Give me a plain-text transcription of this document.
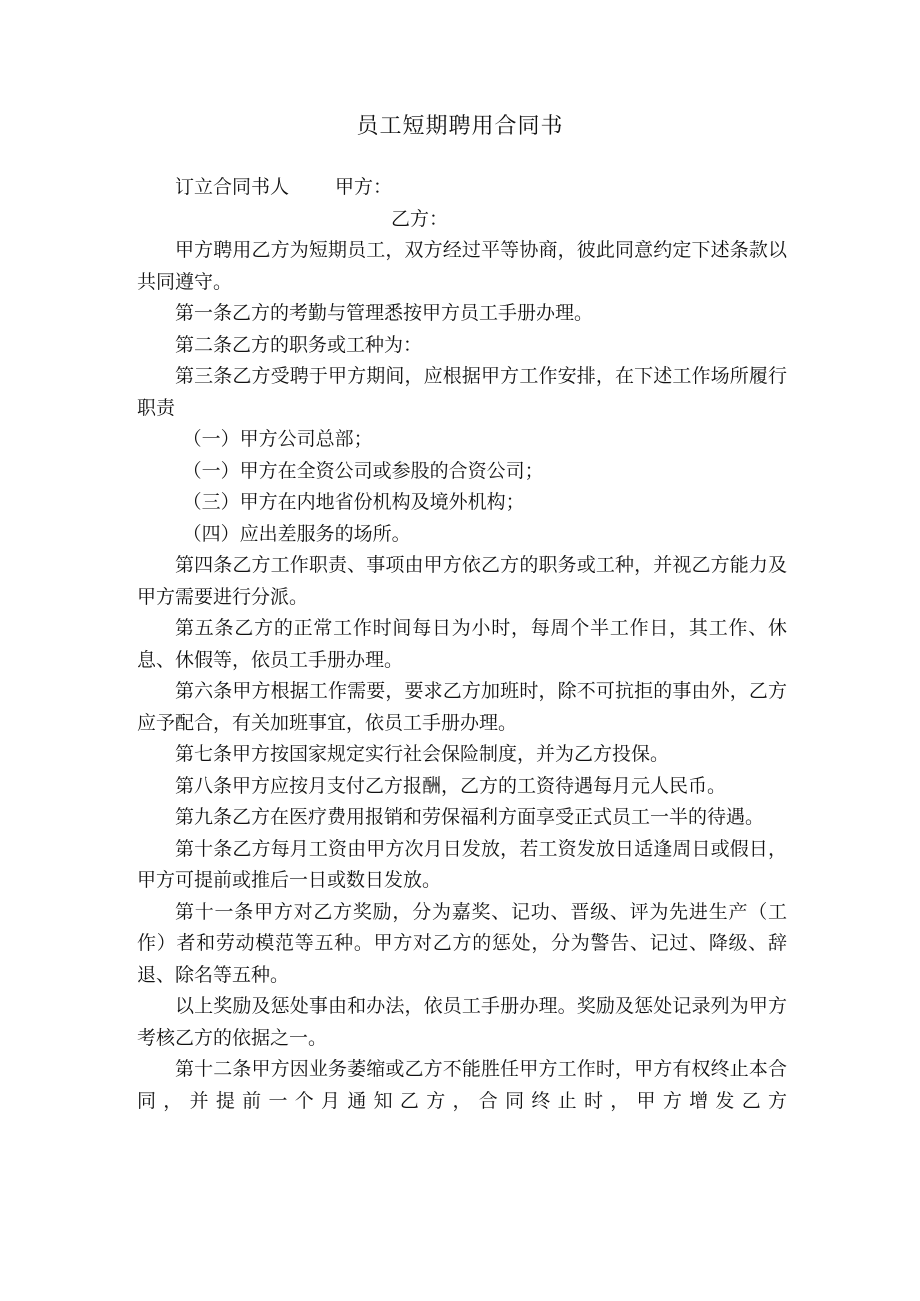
员工短期聘用合同书

订立合同书人 甲方：

乙方：

甲方聘用乙方为短期员工，双方经过平等协商，彼此同意约定下述条款以共同遵守。

第一条乙方的考勤与管理悉按甲方员工手册办理。

第二条乙方的职务或工种为：

第三条乙方受聘于甲方期间，应根据甲方工作安排，在下述工作场所履行职责

（一）甲方公司总部；

（一）甲方在全资公司或参股的合资公司；

（三）甲方在内地省份机构及境外机构；

（四）应出差服务的场所。

第四条乙方工作职责、事项由甲方依乙方的职务或工种，并视乙方能力及甲方需要进行分派。

第五条乙方的正常工作时间每日为小时，每周个半工作日，其工作、休息、休假等，依员工手册办理。

第六条甲方根据工作需要，要求乙方加班时，除不可抗拒的事由外，乙方应予配合，有关加班事宜，依员工手册办理。

第七条甲方按国家规定实行社会保险制度，并为乙方投保。

第八条甲方应按月支付乙方报酬，乙方的工资待遇每月元人民币。

第九条乙方在医疗费用报销和劳保福利方面享受正式员工一半的待遇。

第十条乙方每月工资由甲方次月日发放，若工资发放日适逢周日或假日，甲方可提前或推后一日或数日发放。

第十一条甲方对乙方奖励，分为嘉奖、记功、晋级、评为先进生产（工作）者和劳动模范等五种。甲方对乙方的惩处，分为警告、记过、降级、辞退、除名等五种。

以上奖励及惩处事由和办法，依员工手册办理。奖励及惩处记录列为甲方考核乙方的依据之一。

第十二条甲方因业务萎缩或乙方不能胜任甲方工作时，甲方有权终止本合同，并提前一个月通知乙方，合同终止时，甲方增发乙方
